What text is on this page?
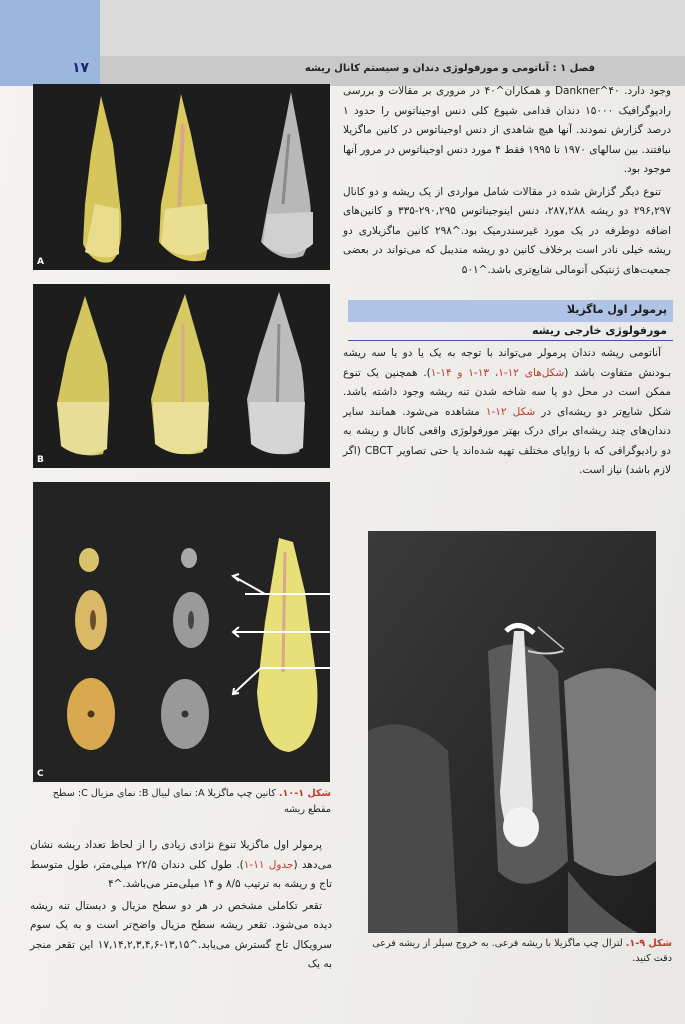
۱۷	فصل ۱ : آناتومی و مورفولوژی دندان و سیستم کانال ریشه
A
B
C
شکل ۱-۱۰. کانین چپ ماگزیلا A: نمای لبیال B: نمای مزیال C: سطح مقطع ریشه

وجود دارد. Dankner^۴۰ و همکاران^۴۰ در مروری بر مقالات و بررسی رادیوگرافیک ۱۵۰۰۰ دندان قدامی شیوع کلی دنس اوجیناتوس را حدود ۱ درصد گزارش نمودند. آنها هیچ شاهدی از دنس اوجیناتوس در کانین ماگزیلا نیافتند. بین سالهای ۱۹۷۰ تا ۱۹۹۵ فقط ۴ مورد دنس اوجیناتوس در مرور آنها موجود بود.

تنوع دیگر گزارش شده در مقالات شامل مواردی از یک ریشه و دو کانال ۲۹۶,۲۹۷ دو ریشه ۲۸۷,۲۸۸، دنس اینوجیناتوس ۲۹۰,۲۹۵-۳۳۵ و کانین‌های اضافه دوطرفه در یک مورد غیرسندرمیک بود.^۲۹۸ کانین ماگزیلاری دو ریشه خیلی نادر است برخلاف کانین دو ریشه مندیبل که می‌تواند در بعضی جمعیت‌های ژنتیکی آنومالی شایع‌تری باشد.^۵۰۱

پرمولر اول ماگزیلا
مورفولوژی خارجی ریشه

آناتومی ریشه دندان پرمولر می‌تواند با توجه به یک یا دو یا سه ریشه بـودنش متفاوت باشد (شکل‌های ۱۲-۱، ۱۳-۱ و ۱۴-۱). همچنین یک تنوع ممکن است در محل دو یا سه شاخه شدن تنه ریشه وجود داشته باشد. شکل شایع‌تر دو ریشه‌ای در شکل ۱۲-۱ مشاهده می‌شود. همانند سایر دندان‌های چند ریشه‌ای برای درک بهتر مورفولوژی واقعی کانال و ریشه به دو رادیوگرافی که با زوایای مختلف تهیه شده‌اند یا حتی تصاویر CBCT (اگر لازم باشد) نیاز است.

پرمولر اول ماگزیلا تنوع نژادی زیادی را از لحاظ تعداد ریشه نشان می‌دهد (جدول ۱۱-۱). طول کلی دندان ۲۲/۵ میلی‌متر، طول متوسط تاج و ریشه به ترتیب ۸/۵ و ۱۴ میلی‌متر می‌باشد.^۴

تقعر تکاملی مشخص در هر دو سطح مزیال و دیستال تنه ریشه دیده می‌شود. تقعر ریشه سطح مزیال واضح‌تر است و به یک سوم سرویکال تاج گسترش می‌یابد.^۱۳,۱۵-۱۷,۱۴,۲,۳,۴,۶ این تقعر منجر به یک

شکل ۹-۱. لترال چپ ماگزیلا با ریشه فرعی. به خروج سیلر از ریشه فرعی دقت کنید.
